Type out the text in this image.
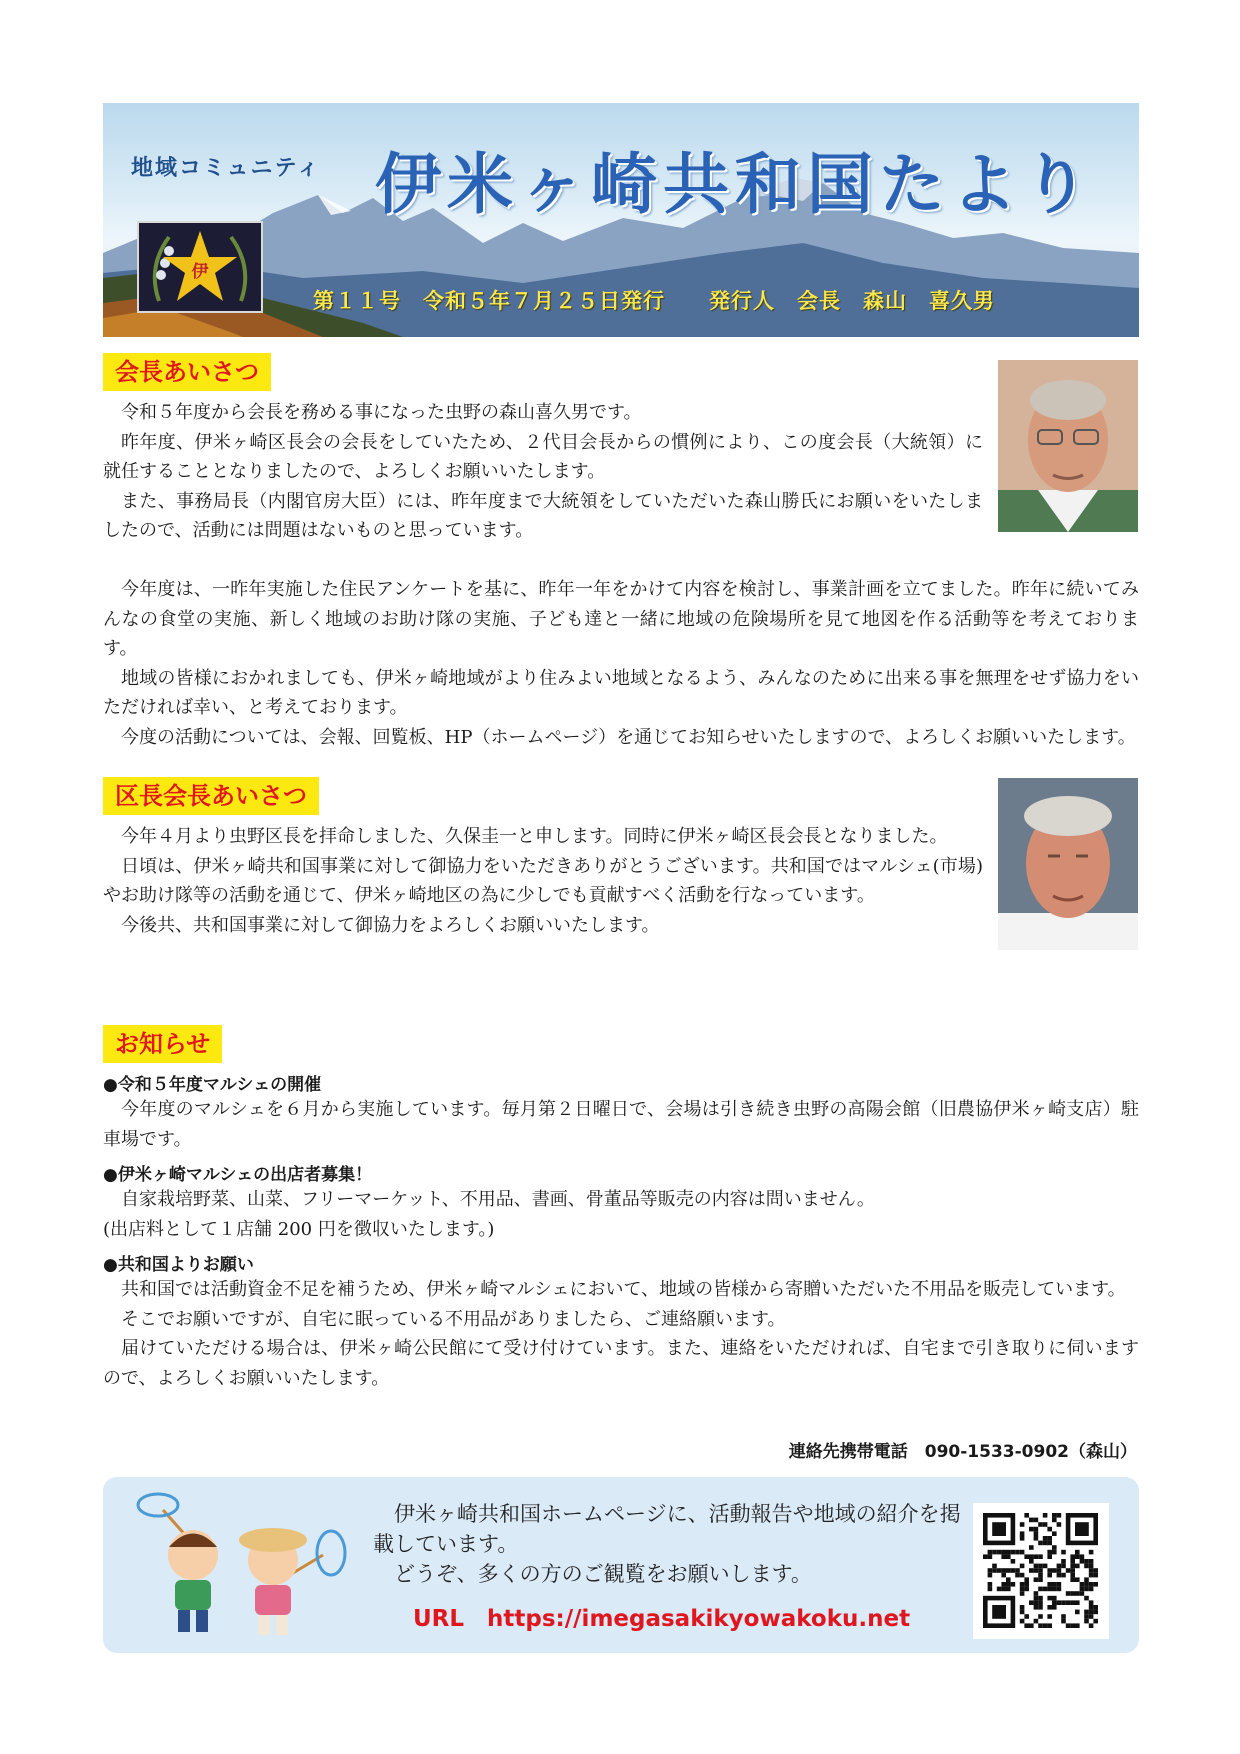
地域コミュニティ 伊米ヶ崎共和国たより
伊
第１１号　令和５年７月２５日発行　　発行人　会長　森山　喜久男
会長あいさつ

令和５年度から会長を務める事になった虫野の森山喜久男です。

昨年度、伊米ヶ崎区長会の会長をしていたため、２代目会長からの慣例により、この度会長（大統領）に就任することとなりましたので、よろしくお願いいたします。

また、事務局長（内閣官房大臣）には、昨年度まで大統領をしていただいた森山勝氏にお願いをいたしましたので、活動には問題はないものと思っています。

今年度は、一昨年実施した住民アンケートを基に、昨年一年をかけて内容を検討し、事業計画を立てました。昨年に続いてみんなの食堂の実施、新しく地域のお助け隊の実施、子ども達と一緒に地域の危険場所を見て地図を作る活動等を考えております。

地域の皆様におかれましても、伊米ヶ崎地域がより住みよい地域となるよう、みんなのために出来る事を無理をせず協力をいただければ幸い、と考えております。

今度の活動については、会報、回覧板、HP（ホームページ）を通じてお知らせいたしますので、よろしくお願いいたします。

区長会長あいさつ

今年４月より虫野区長を拝命しました、久保圭一と申します。同時に伊米ヶ崎区長会長となりました。

日頃は、伊米ヶ崎共和国事業に対して御協力をいただきありがとうございます。共和国ではマルシェ(市場)やお助け隊等の活動を通じて、伊米ヶ崎地区の為に少しでも貢献すべく活動を行なっています。

今後共、共和国事業に対して御協力をよろしくお願いいたします。

お知らせ
●令和５年度マルシェの開催

今年度のマルシェを６月から実施しています。毎月第２日曜日で、会場は引き続き虫野の高陽会館（旧農協伊米ヶ崎支店）駐車場です。

●伊米ヶ崎マルシェの出店者募集！

自家栽培野菜、山菜、フリーマーケット、不用品、書画、骨董品等販売の内容は問いません。

(出店料として１店舗 200 円を徴収いたします。)

●共和国よりお願い

共和国では活動資金不足を補うため、伊米ヶ崎マルシェにおいて、地域の皆様から寄贈いただいた不用品を販売しています。

そこでお願いですが、自宅に眠っている不用品がありましたら、ご連絡願います。

届けていただける場合は、伊米ヶ崎公民館にて受け付けています。また、連絡をいただければ、自宅まで引き取りに伺いますので、よろしくお願いいたします。

連絡先携帯電話　090-1533-0902（森山）

伊米ヶ崎共和国ホームページに、活動報告や地域の紹介を掲載しています。

どうぞ、多くの方のご観覧をお願いします。

URL　https://imegasakikyowakoku.net
